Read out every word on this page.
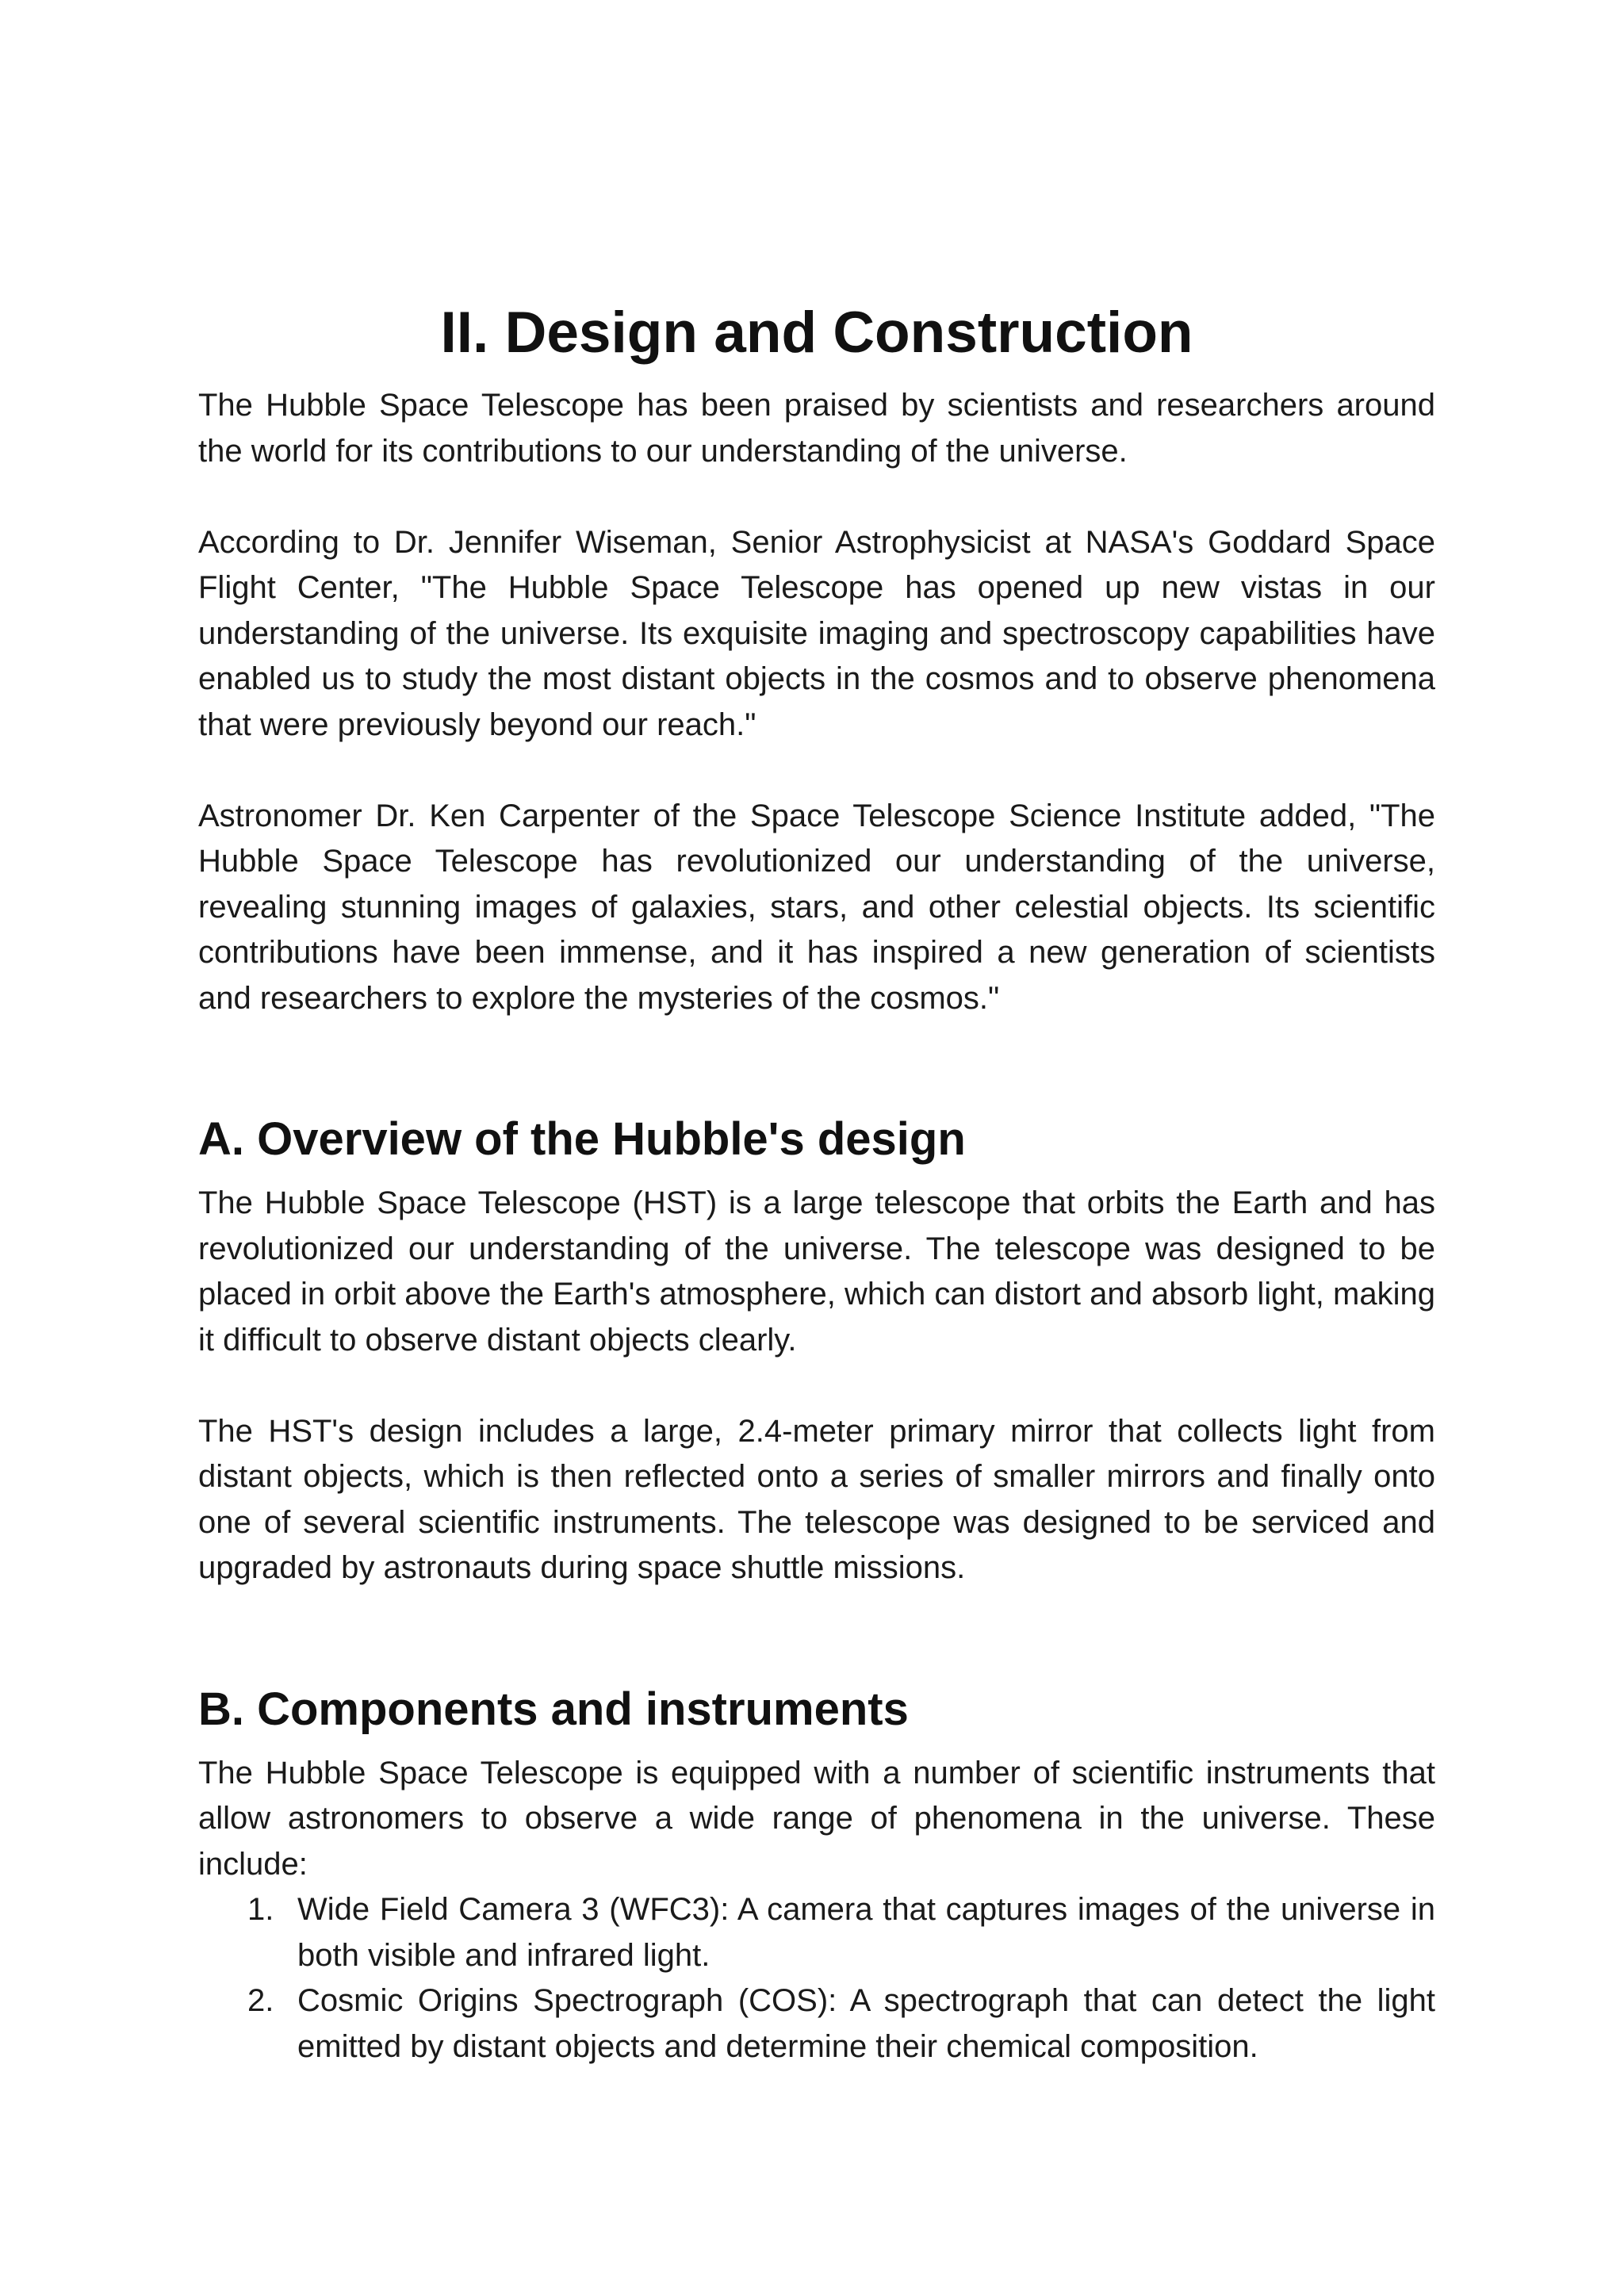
II. Design and Construction

The Hubble Space Telescope has been praised by scientists and researchers around the world for its contributions to our understanding of the universe.

According to Dr. Jennifer Wiseman, Senior Astrophysicist at NASA's Goddard Space Flight Center, "The Hubble Space Telescope has opened up new vistas in our understanding of the universe. Its exquisite imaging and spectroscopy capabilities have enabled us to study the most distant objects in the cosmos and to observe phenomena that were previously beyond our reach."

Astronomer Dr. Ken Carpenter of the Space Telescope Science Institute added, "The Hubble Space Telescope has revolutionized our understanding of the universe, revealing stunning images of galaxies, stars, and other celestial objects. Its scientific contributions have been immense, and it has inspired a new generation of scientists and researchers to explore the mysteries of the cosmos."

A. Overview of the Hubble's design

The Hubble Space Telescope (HST) is a large telescope that orbits the Earth and has revolutionized our understanding of the universe. The telescope was designed to be placed in orbit above the Earth's atmosphere, which can distort and absorb light, making it difficult to observe distant objects clearly.

The HST's design includes a large, 2.4-meter primary mirror that collects light from distant objects, which is then reflected onto a series of smaller mirrors and finally onto one of several scientific instruments. The telescope was designed to be serviced and upgraded by astronauts during space shuttle missions.

B. Components and instruments

The Hubble Space Telescope is equipped with a number of scientific instruments that allow astronomers to observe a wide range of phenomena in the universe. These include:

1. Wide Field Camera 3 (WFC3): A camera that captures images of the universe in both visible and infrared light.
2. Cosmic Origins Spectrograph (COS): A spectrograph that can detect the light emitted by distant objects and determine their chemical composition.
